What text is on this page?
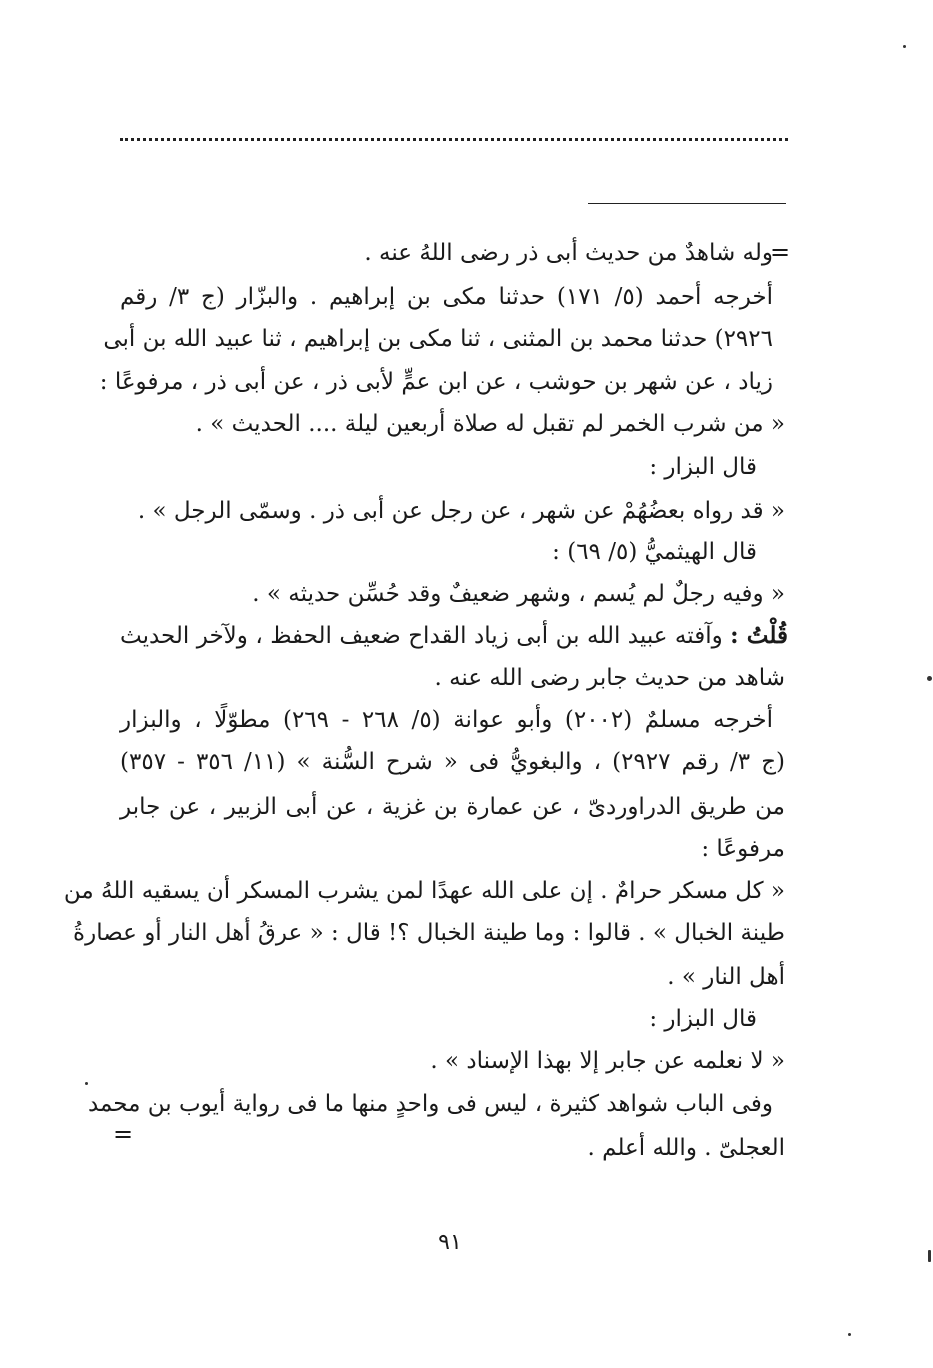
=
=
وله شاهدٌ من حديث أبى ذر رضى اللهُ عنه .
أخرجه أحمد (٥/ ١٧١) حدثنا مكى بن إبراهيم . والبزّار (ج ٣/ رقم
٢٩٢٦) حدثنا محمد بن المثنى ، ثنا مكى بن إبراهيم ، ثنا عبيد الله بن أبى
زياد ، عن شهر بن حوشب ، عن ابن عمٍّ لأبى ذر ، عن أبى ذر ، مرفوعًا :
« من شرب الخمر لم تقبل له صلاة أربعين ليلة .... الحديث » .
قال البزار :
« قد رواه بعضُهُمْ عن شهر ، عن رجل عن أبى ذر . وسمّى الرجل » .
قال الهيثميُّ (٥/ ٦٩) :
« وفيه رجلٌ لم يُسم ، وشهر ضعيفٌ وقد حُسِّن حديثه » .
قُلْتُ : وآفته عبيد الله بن أبى زياد القداح ضعيف الحفظ ، ولآخر الحديث
شاهد من حديث جابر رضى الله عنه .
أخرجه مسلمٌ (٢٠٠٢) وأبو عوانة (٥/ ٢٦٨ - ٢٦٩) مطوّلًا ، والبزار
(ج ٣/ رقم ٢٩٢٧) ، والبغويُّ فى « شرح السُّنة » (١١/ ٣٥٦ - ٣٥٧)
من طريق الدراوردىّ ، عن عمارة بن غزية ، عن أبى الزبير ، عن جابر
مرفوعًا :
« كل مسكر حرامٌ . إن على الله عهدًا لمن يشرب المسكر أن يسقيه اللهُ من
طينة الخبال » . قالوا : وما طينة الخبال ؟! قال : « عرقُ أهل النار أو عصارةُ
أهل النار » .
قال البزار :
« لا نعلمه عن جابر إلا بهذا الإسناد » .
وفى الباب شواهد كثيرة ، ليس فى واحدٍ منها ما فى رواية أيوب بن محمد
العجلىّ . والله أعلم .
٩١
